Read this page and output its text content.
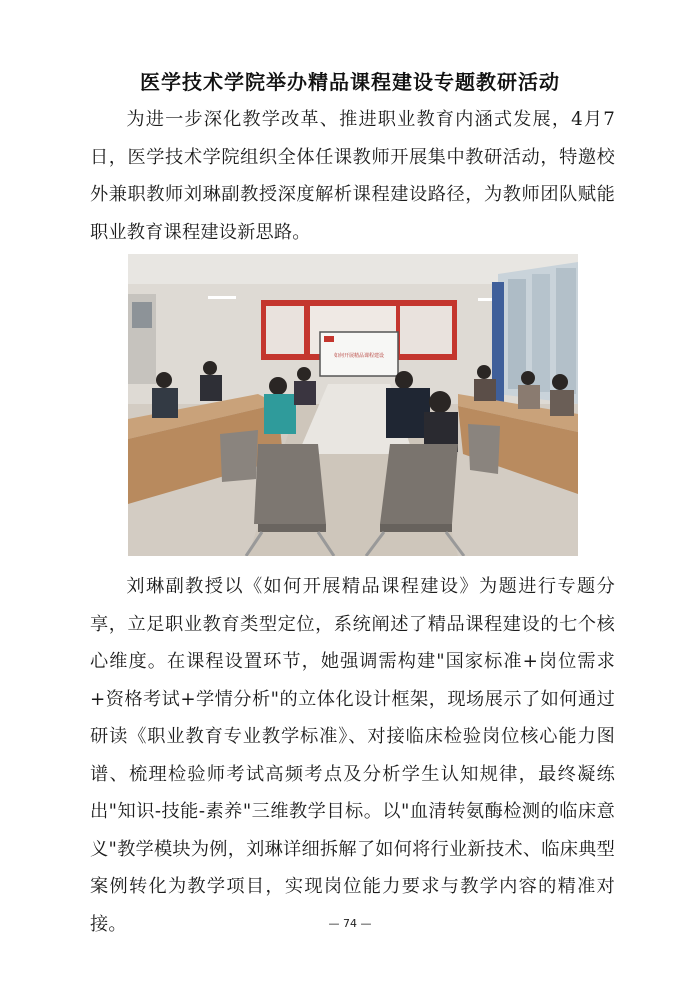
医学技术学院举办精品课程建设专题教研活动

为进一步深化教学改革、推进职业教育内涵式发展，4月7日，医学技术学院组织全体任课教师开展集中教研活动，特邀校外兼职教师刘琳副教授深度解析课程建设路径，为教师团队赋能职业教育课程建设新思路。

如何开展精品课程建设

刘琳副教授以《如何开展精品课程建设》为题进行专题分享，立足职业教育类型定位，系统阐述了精品课程建设的七个核心维度。在课程设置环节，她强调需构建"国家标准+岗位需求+资格考试+学情分析"的立体化设计框架，现场展示了如何通过研读《职业教育专业教学标准》、对接临床检验岗位核心能力图谱、梳理检验师考试高频考点及分析学生认知规律，最终凝练出"知识-技能-素养"三维教学目标。以"血清转氨酶检测的临床意义"教学模块为例，刘琳详细拆解了如何将行业新技术、临床典型案例转化为教学项目，实现岗位能力要求与教学内容的精准对接。	— 74 —
